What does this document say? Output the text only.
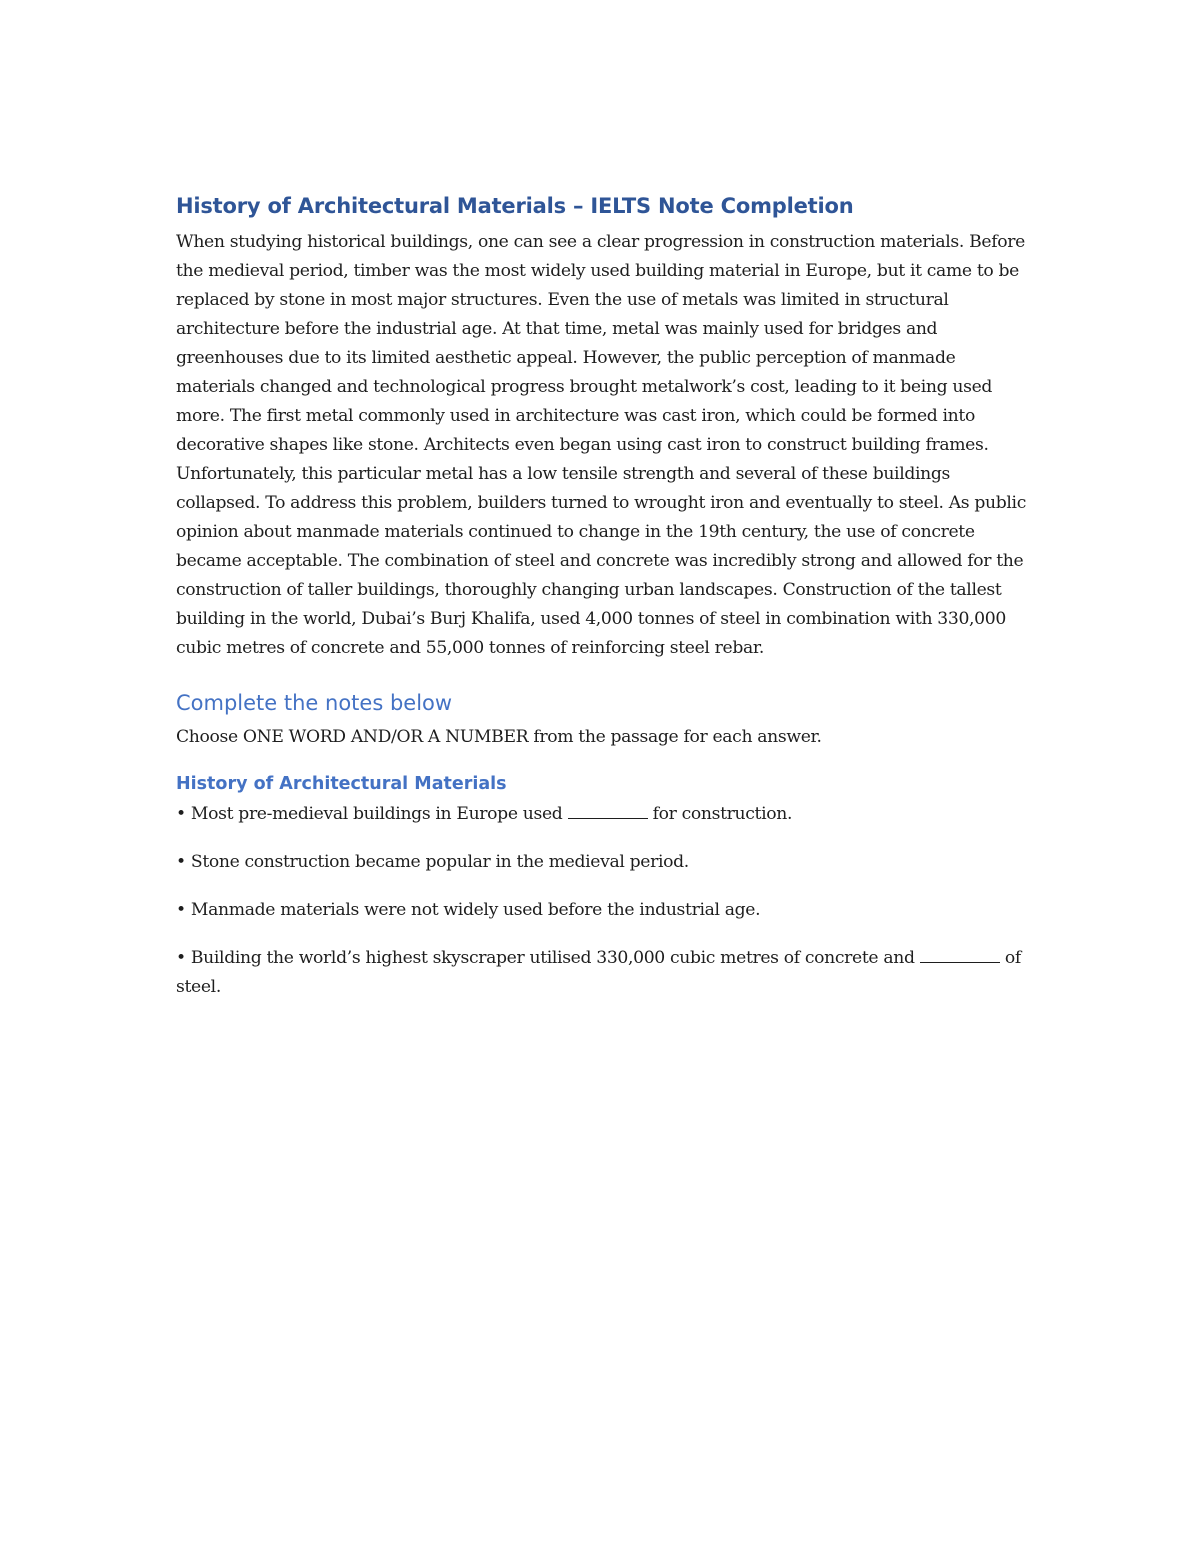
History of Architectural Materials – IELTS Note Completion

When studying historical buildings, one can see a clear progression in construction materials. Before the medieval period, timber was the most widely used building material in Europe, but it came to be replaced by stone in most major structures. Even the use of metals was limited in structural architecture before the industrial age. At that time, metal was mainly used for bridges and greenhouses due to its limited aesthetic appeal. However, the public perception of manmade materials changed and technological progress brought metalwork’s cost, leading to it being used more. The first metal commonly used in architecture was cast iron, which could be formed into decorative shapes like stone. Architects even began using cast iron to construct building frames. Unfortunately, this particular metal has a low tensile strength and several of these buildings collapsed. To address this problem, builders turned to wrought iron and eventually to steel. As public opinion about manmade materials continued to change in the 19th century, the use of concrete became acceptable. The combination of steel and concrete was incredibly strong and allowed for the construction of taller buildings, thoroughly changing urban landscapes. Construction of the tallest building in the world, Dubai’s Burj Khalifa, used 4,000 tonnes of steel in combination with 330,000 cubic metres of concrete and 55,000 tonnes of reinforcing steel rebar.

Complete the notes below

Choose ONE WORD AND/OR A NUMBER from the passage for each answer.

History of Architectural Materials

• Most pre-medieval buildings in Europe used	for construction.

• Stone construction became popular in the medieval period.

• Manmade materials were not widely used before the industrial age.

• Building the world’s highest skyscraper utilised 330,000 cubic metres of concrete and	of steel.
